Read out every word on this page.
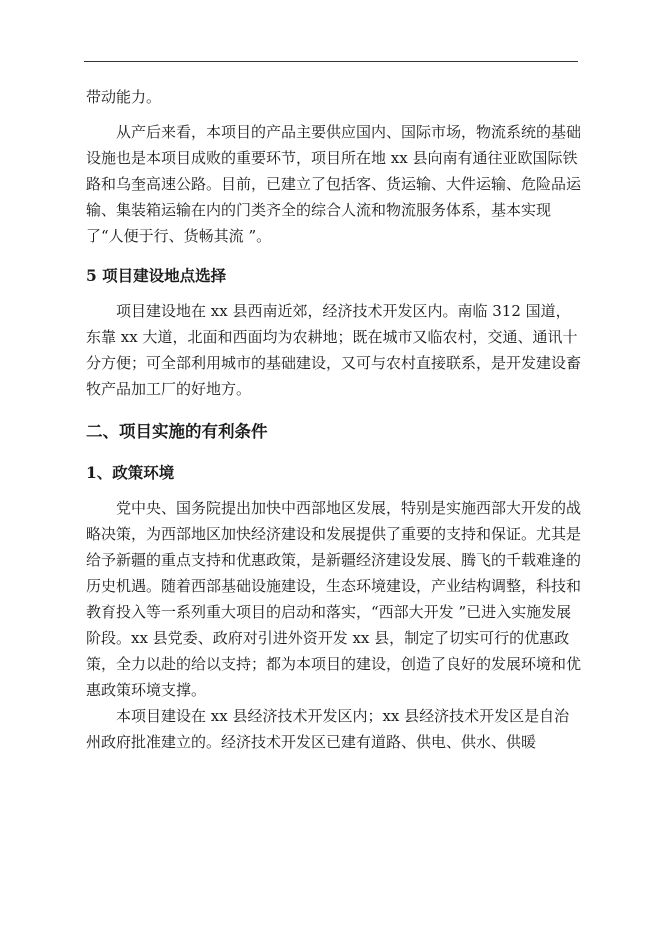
带动能力。

从产后来看，本项目的产品主要供应国内、国际市场，物流系统的基础设施也是本项目成败的重要环节，项目所在地 xx 县向南有通往亚欧国际铁路和乌奎高速公路。目前，已建立了包括客、货运输、大件运输、危险品运输、集装箱运输在内的门类齐全的综合人流和物流服务体系，基本实现了“人便于行、货畅其流 ”。

5 项目建设地点选择

项目建设地在 xx 县西南近郊，经济技术开发区内。南临 312 国道，东靠 xx 大道，北面和西面均为农耕地；既在城市又临农村，交通、通讯十分方便；可全部利用城市的基础建设，又可与农村直接联系，是开发建设畜牧产品加工厂的好地方。

二、项目实施的有利条件
1、政策环境

党中央、国务院提出加快中西部地区发展，特别是实施西部大开发的战略决策，为西部地区加快经济建设和发展提供了重要的支持和保证。尤其是给予新疆的重点支持和优惠政策，是新疆经济建设发展、腾飞的千载难逢的历史机遇。随着西部基础设施建设，生态环境建设，产业结构调整，科技和教育投入等一系列重大项目的启动和落实，“西部大开发 ”已进入实施发展阶段。xx 县党委、政府对引进外资开发 xx 县，制定了切实可行的优惠政策，全力以赴的给以支持；都为本项目的建设，创造了良好的发展环境和优惠政策环境支撑。

本项目建设在 xx 县经济技术开发区内；xx 县经济技术开发区是自治州政府批准建立的。经济技术开发区已建有道路、供电、供水、供暖
